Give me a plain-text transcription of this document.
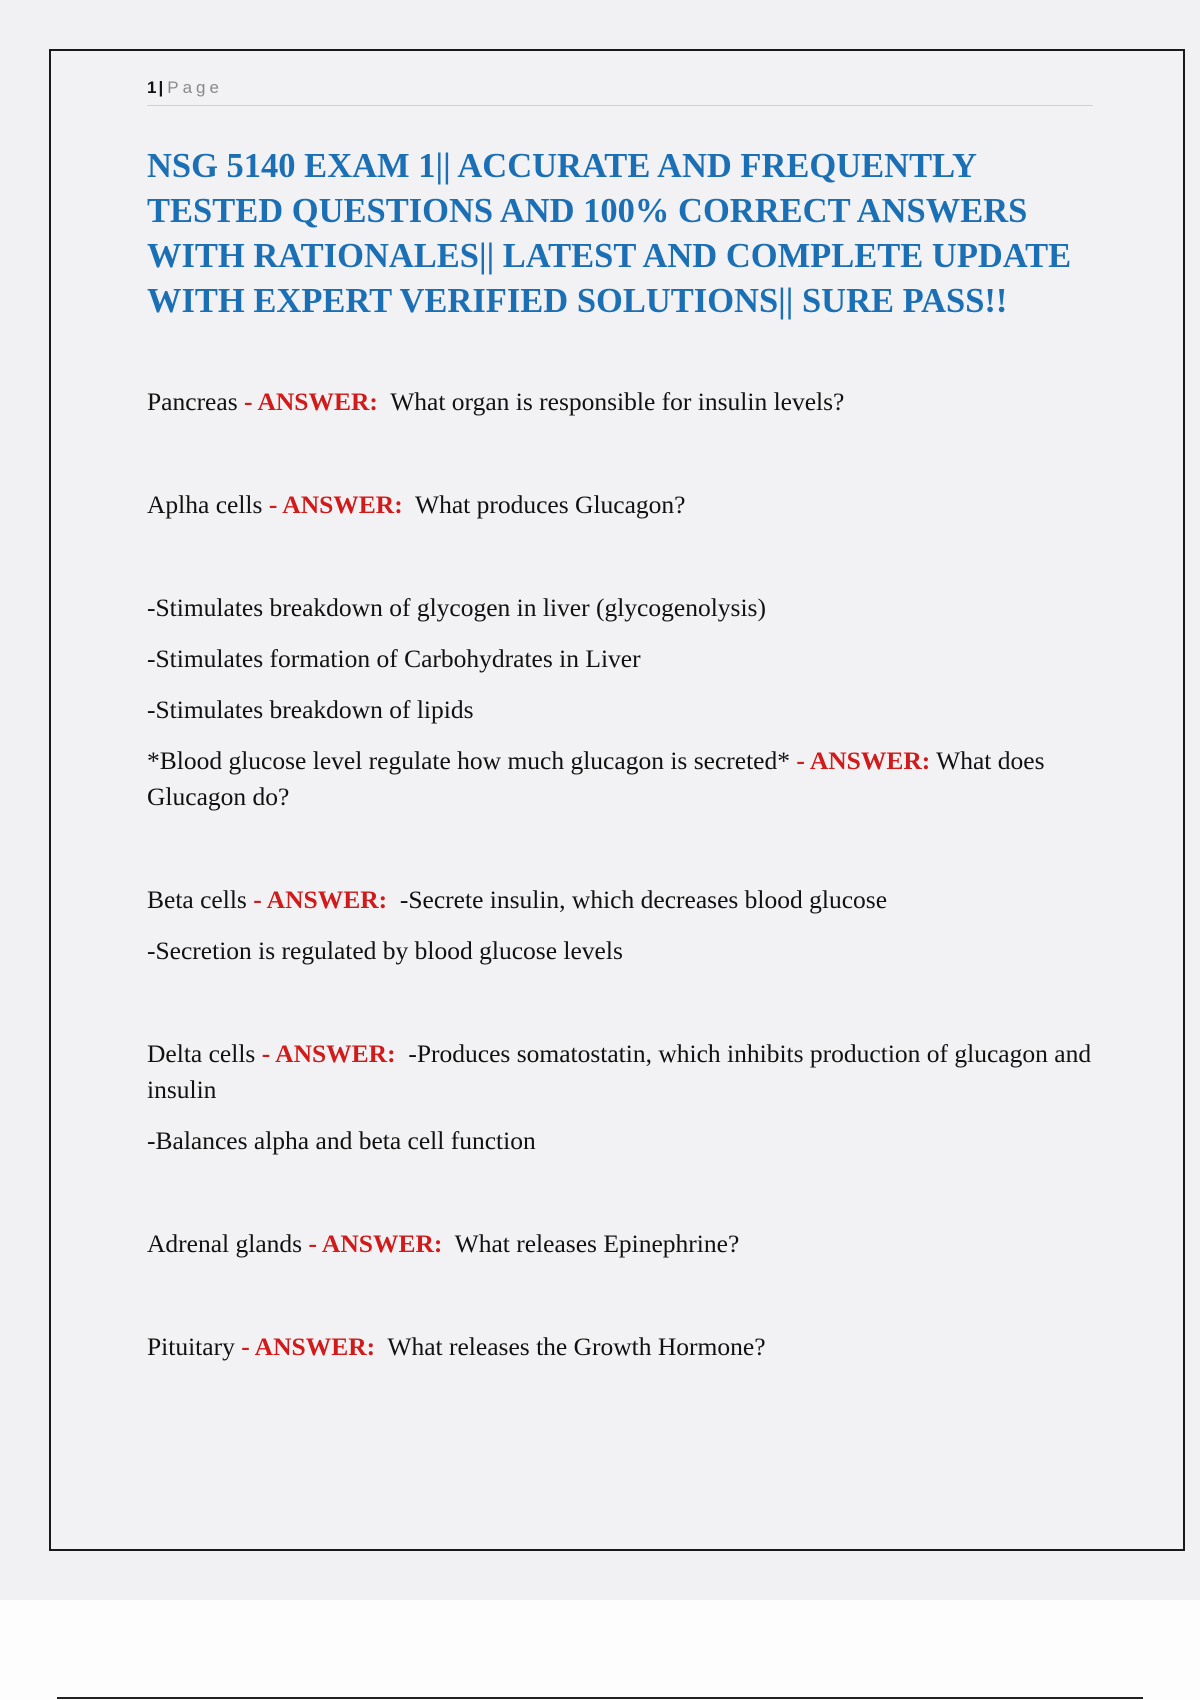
1 | Page
NSG 5140 EXAM 1|| ACCURATE AND FREQUENTLY TESTED QUESTIONS AND 100% CORRECT ANSWERS WITH RATIONALES|| LATEST AND COMPLETE UPDATE WITH EXPERT VERIFIED SOLUTIONS|| SURE PASS!!

Pancreas - ANSWER: What organ is responsible for insulin levels?

Aplha cells - ANSWER: What produces Glucagon?

-Stimulates breakdown of glycogen in liver (glycogenolysis)

-Stimulates formation of Carbohydrates in Liver

-Stimulates breakdown of lipids

*Blood glucose level regulate how much glucagon is secreted* - ANSWER: What does Glucagon do?

Beta cells - ANSWER: -Secrete insulin, which decreases blood glucose

-Secretion is regulated by blood glucose levels

Delta cells - ANSWER: -Produces somatostatin, which inhibits production of glucagon and insulin

-Balances alpha and beta cell function

Adrenal glands - ANSWER: What releases Epinephrine?

Pituitary - ANSWER: What releases the Growth Hormone?
